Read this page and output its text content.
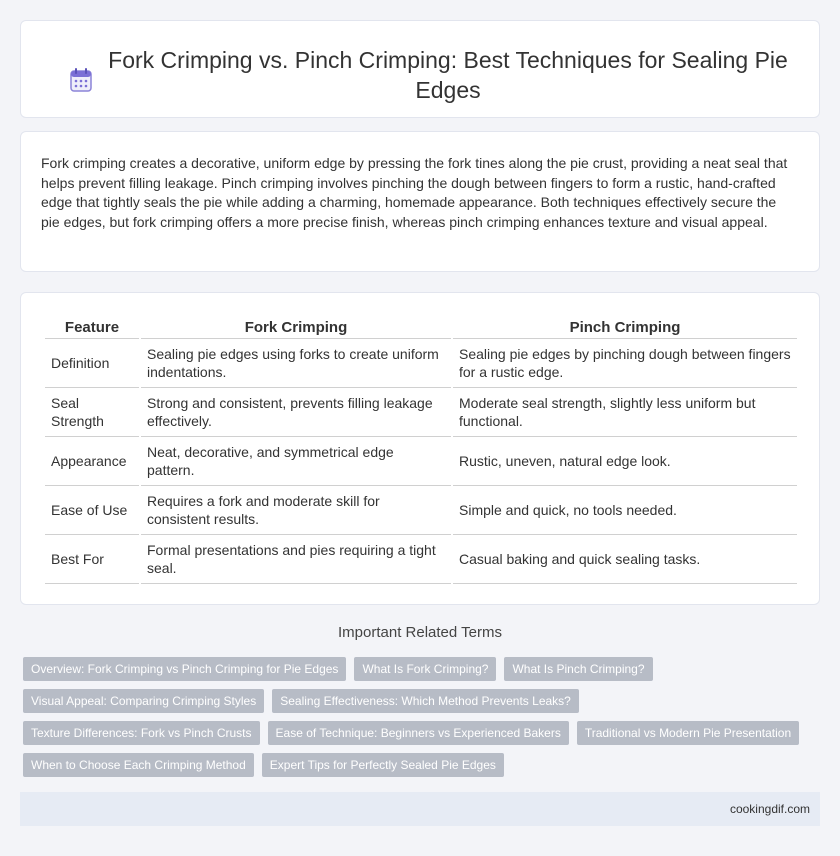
Fork Crimping vs. Pinch Crimping: Best Techniques for Sealing Pie Edges

Fork crimping creates a decorative, uniform edge by pressing the fork tines along the pie crust, providing a neat seal that helps prevent filling leakage. Pinch crimping involves pinching the dough between fingers to form a rustic, hand-crafted edge that tightly seals the pie while adding a charming, homemade appearance. Both techniques effectively secure the pie edges, but fork crimping offers a more precise finish, whereas pinch crimping enhances texture and visual appeal.

Feature	Fork Crimping	Pinch Crimping
Definition	Sealing pie edges using forks to create uniform indentations.	Sealing pie edges by pinching dough between fingers for a rustic edge.
Seal Strength	Strong and consistent, prevents filling leakage effectively.	Moderate seal strength, slightly less uniform but functional.
Appearance	Neat, decorative, and symmetrical edge pattern.	Rustic, uneven, natural edge look.
Ease of Use	Requires a fork and moderate skill for consistent results.	Simple and quick, no tools needed.
Best For	Formal presentations and pies requiring a tight seal.	Casual baking and quick sealing tasks.
Important Related Terms
Overview: Fork Crimping vs Pinch Crimping for Pie Edges	What Is Fork Crimping?	What Is Pinch Crimping?
Visual Appeal: Comparing Crimping Styles	Sealing Effectiveness: Which Method Prevents Leaks?
Texture Differences: Fork vs Pinch Crusts	Ease of Technique: Beginners vs Experienced Bakers	Traditional vs Modern Pie Presentation
When to Choose Each Crimping Method	Expert Tips for Perfectly Sealed Pie Edges
cookingdif.com
